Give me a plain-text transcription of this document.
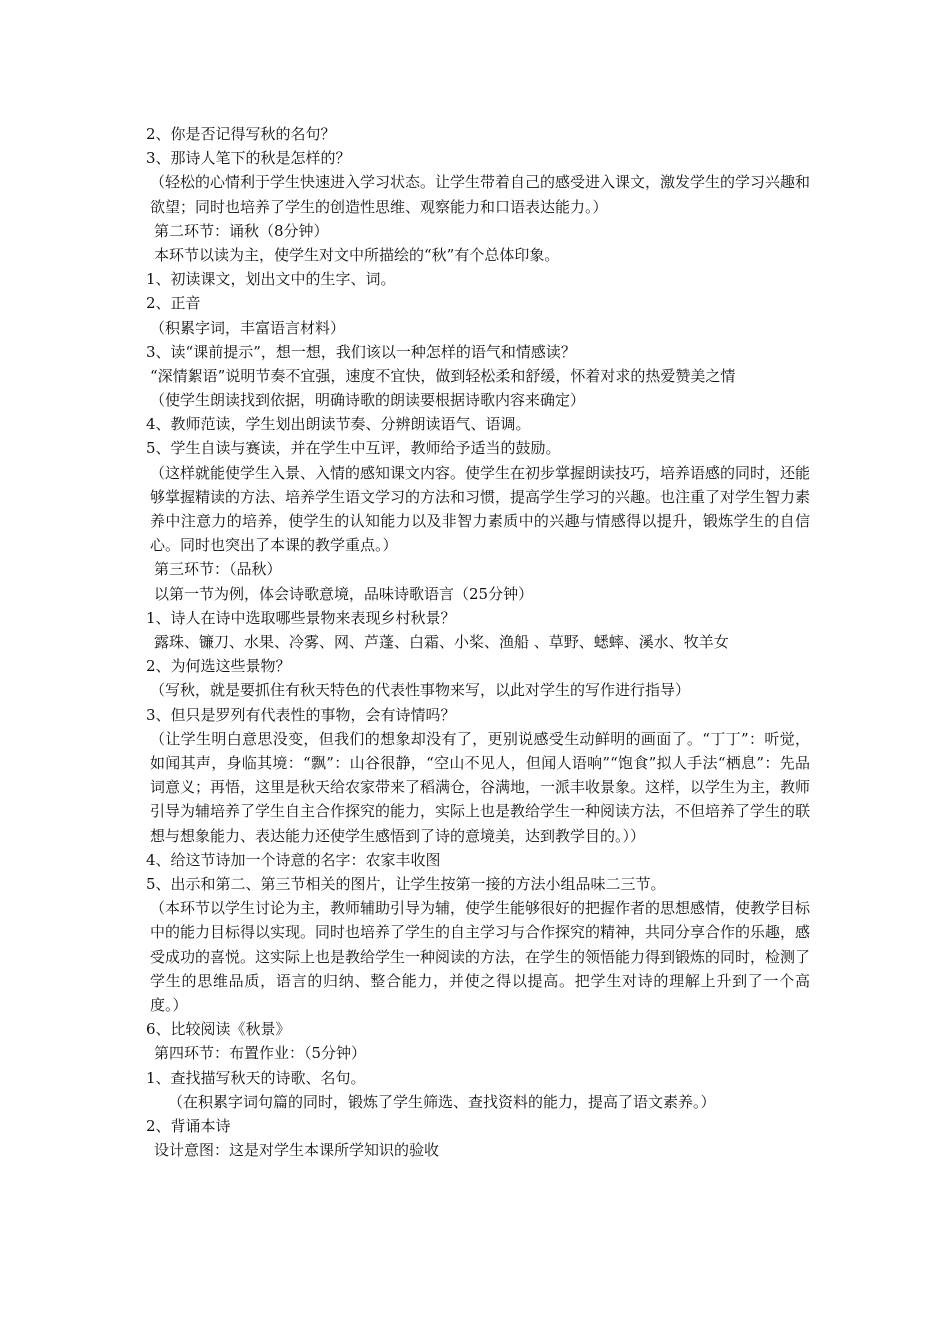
2、你是否记得写秋的名句？
3、那诗人笔下的秋是怎样的？
（轻松的心情利于学生快速进入学习状态。让学生带着自己的感受进入课文，激发学生的学习兴趣和欲望；同时也培养了学生的创造性思维、观察能力和口语表达能力。）
第二环节：诵秋（8分钟）
本环节以读为主，使学生对文中所描绘的“秋”有个总体印象。
1、初读课文，划出文中的生字、词。
2、正音
（积累字词，丰富语言材料）
3、读“课前提示”，想一想，我们该以一种怎样的语气和情感读？
“深情絮语”说明节奏不宜强，速度不宜快，做到轻松柔和舒缓，怀着对求的热爱赞美之情
（使学生朗读找到依据，明确诗歌的朗读要根据诗歌内容来确定）
4、教师范读，学生划出朗读节奏、分辨朗读语气、语调。
5、学生自读与赛读，并在学生中互评，教师给予适当的鼓励。
（这样就能使学生入景、入情的感知课文内容。使学生在初步掌握朗读技巧，培养语感的同时，还能够掌握精读的方法、培养学生语文学习的方法和习惯，提高学生学习的兴趣。也注重了对学生智力素养中注意力的培养，使学生的认知能力以及非智力素质中的兴趣与情感得以提升，锻炼学生的自信心。同时也突出了本课的教学重点。）
第三环节：（品秋）
以第一节为例，体会诗歌意境，品味诗歌语言（25分钟）
1、诗人在诗中选取哪些景物来表现乡村秋景？
露珠、镰刀、水果、冷雾、网、芦蓬、白霜、小桨、渔船 、草野、蟋蟀、溪水、牧羊女
2、为何选这些景物？
（写秋，就是要抓住有秋天特色的代表性事物来写，以此对学生的写作进行指导）
3、但只是罗列有代表性的事物，会有诗情吗？
（让学生明白意思没变，但我们的想象却没有了，更别说感受生动鲜明的画面了。“丁丁”：听觉，如闻其声，身临其境：“飘”：山谷很静，“空山不见人，但闻人语响”“饱食”拟人手法“栖息”：先品词意义；再悟，这里是秋天给农家带来了稻满仓，谷满地，一派丰收景象。这样，以学生为主，教师引导为辅培养了学生自主合作探究的能力，实际上也是教给学生一种阅读方法，不但培养了学生的联想与想象能力、表达能力还使学生感悟到了诗的意境美，达到教学目的。））
4、给这节诗加一个诗意的名字：农家丰收图
5、出示和第二、第三节相关的图片，让学生按第一接的方法小组品味二三节。
（本环节以学生讨论为主，教师辅助引导为辅，使学生能够很好的把握作者的思想感情，使教学目标中的能力目标得以实现。同时也培养了学生的自主学习与合作探究的精神，共同分享合作的乐趣，感受成功的喜悦。这实际上也是教给学生一种阅读的方法，在学生的领悟能力得到锻炼的同时，检测了学生的思维品质，语言的归纳、整合能力，并使之得以提高。把学生对诗的理解上升到了一个高度。）
6、比较阅读《秋景》
第四环节：布置作业：（5分钟）
1、查找描写秋天的诗歌、名句。
（在积累字词句篇的同时，锻炼了学生筛选、查找资料的能力，提高了语文素养。）
2、背诵本诗
设计意图：这是对学生本课所学知识的验收
